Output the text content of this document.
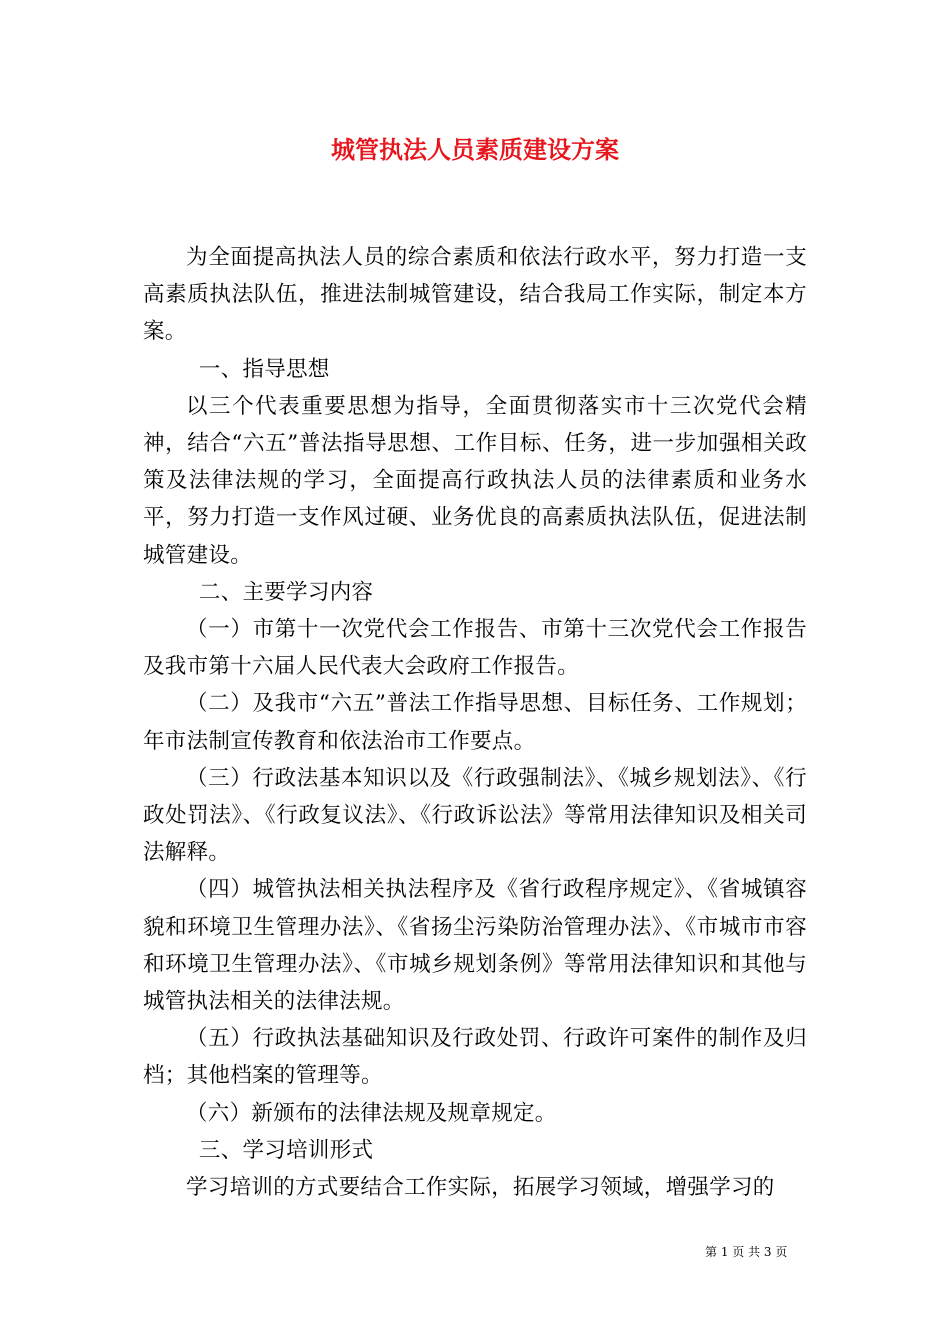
城管执法人员素质建设方案

为全面提高执法人员的综合素质和依法行政水平，努力打造一支高素质执法队伍，推进法制城管建设，结合我局工作实际，制定本方案。

一、指导思想

以三个代表重要思想为指导，全面贯彻落实市十三次党代会精神，结合“六五”普法指导思想、工作目标、任务，进一步加强相关政策及法律法规的学习，全面提高行政执法人员的法律素质和业务水平，努力打造一支作风过硬、业务优良的高素质执法队伍，促进法制城管建设。

二、主要学习内容

（一）市第十一次党代会工作报告、市第十三次党代会工作报告及我市第十六届人民代表大会政府工作报告。

（二）及我市“六五”普法工作指导思想、目标任务、工作规划；年市法制宣传教育和依法治市工作要点。

（三）行政法基本知识以及《行政强制法》、《城乡规划法》、《行政处罚法》、《行政复议法》、《行政诉讼法》等常用法律知识及相关司法解释。

（四）城管执法相关执法程序及《省行政程序规定》、《省城镇容貌和环境卫生管理办法》、《省扬尘污染防治管理办法》、《市城市市容和环境卫生管理办法》、《市城乡规划条例》等常用法律知识和其他与城管执法相关的法律法规。

（五）行政执法基础知识及行政处罚、行政许可案件的制作及归档；其他档案的管理等。

（六）新颁布的法律法规及规章规定。

三、学习培训形式

学习培训的方式要结合工作实际，拓展学习领域，增强学习的

第 1 页 共 3 页
